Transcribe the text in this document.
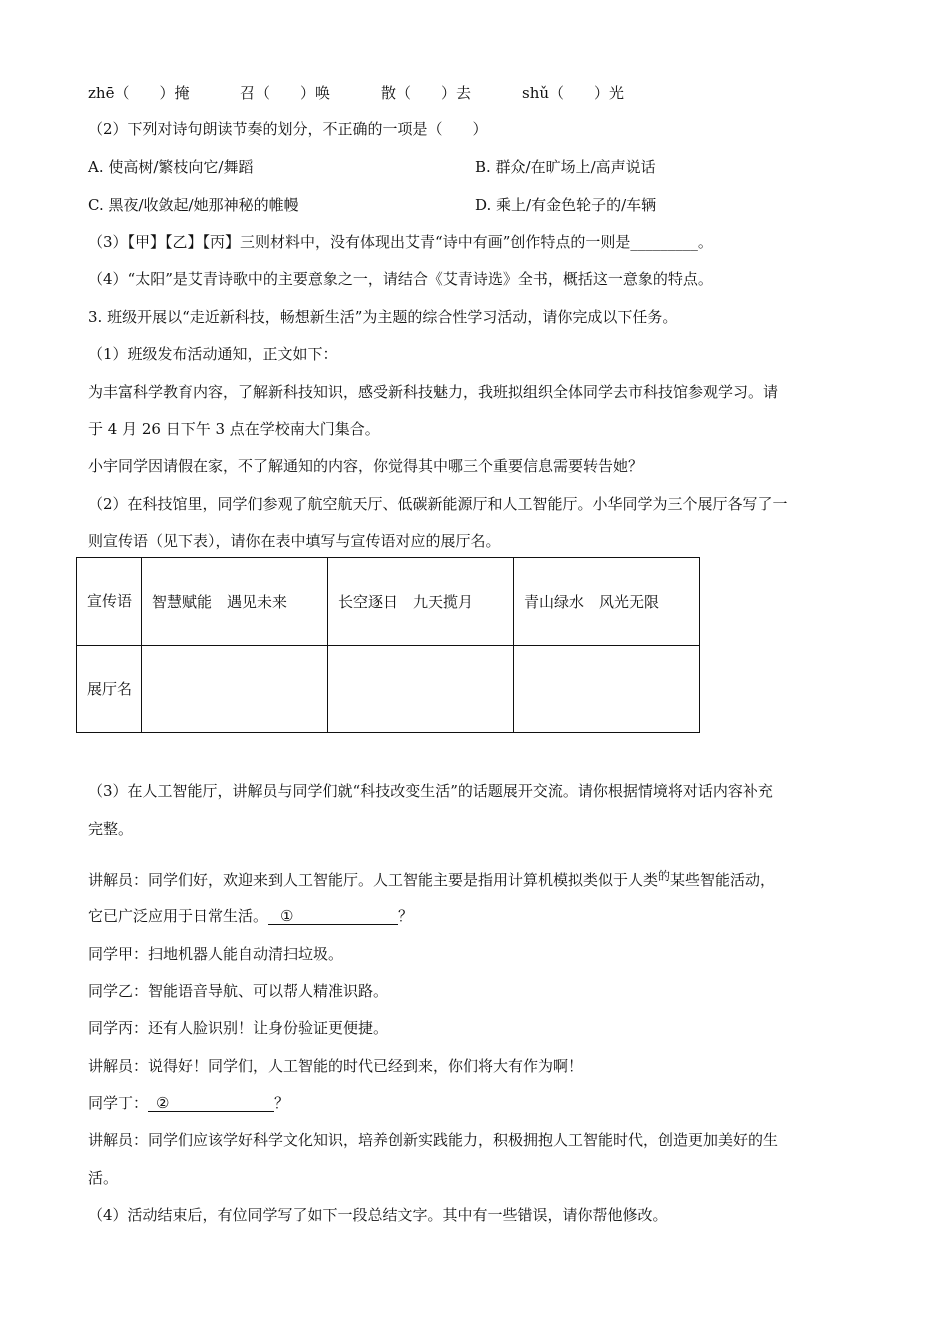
zhē（　　）掩	召（　　）唤	散（　　）去	shǔ（　　）光
（2）下列对诗句朗读节奏的划分，不正确的一项是（　　）
A. 使高树/繁枝向它/舞蹈	B. 群众/在旷场上/高声说话
C. 黑夜/收敛起/她那神秘的帷幔	D. 乘上/有金色轮子的/车辆
（3）【甲】【乙】【丙】三则材料中，没有体现出艾青“诗中有画”创作特点的一则是_________。
（4）“太阳”是艾青诗歌中的主要意象之一，请结合《艾青诗选》全书，概括这一意象的特点。
3. 班级开展以“走近新科技，畅想新生活”为主题的综合性学习活动，请你完成以下任务。
（1）班级发布活动通知，正文如下：
为丰富科学教育内容，了解新科技知识，感受新科技魅力，我班拟组织全体同学去市科技馆参观学习。请
于 4 月 26 日下午 3 点在学校南大门集合。
小宇同学因请假在家，不了解通知的内容，你觉得其中哪三个重要信息需要转告她？
（2）在科技馆里，同学们参观了航空航天厅、低碳新能源厅和人工智能厅。小华同学为三个展厅各写了一
则宣传语（见下表），请你在表中填写与宣传语对应的展厅名。
宣传语	智慧赋能　遇见未来	长空逐日　九天揽月	青山绿水　风光无限
展厅名			
（3）在人工智能厅，讲解员与同学们就“科技改变生活”的话题展开交流。请你根据情境将对话内容补充
完整。
讲解员：同学们好，欢迎来到人工智能厅。人工智能主要是指用计算机模拟类似于人类$^的$某些智能活动，
它已广泛应用于日常生活。 ①	？
同学甲：扫地机器人能自动清扫垃圾。
同学乙：智能语音导航、可以帮人精准识路。
同学丙：还有人脸识别！让身份验证更便捷。
讲解员：说得好！同学们，人工智能的时代已经到来，你们将大有作为啊！
同学丁： ②	？
讲解员：同学们应该学好科学文化知识，培养创新实践能力，积极拥抱人工智能时代，创造更加美好的生
活。
（4）活动结束后，有位同学写了如下一段总结文字。其中有一些错误，请你帮他修改。
